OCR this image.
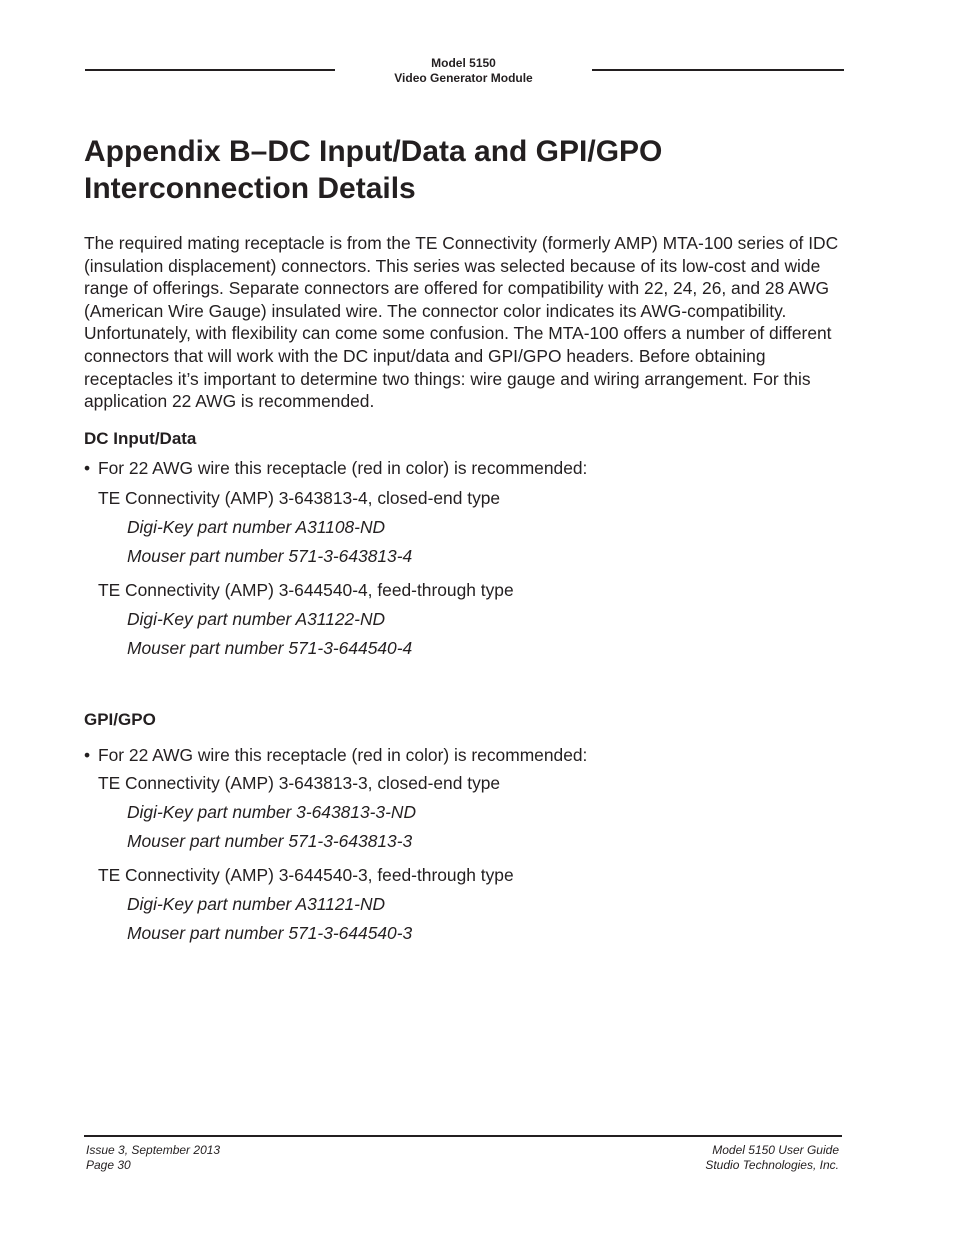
Model 5150
Video Generator Module
Appendix B–DC Input/Data and GPI/GPO
Interconnection Details

The required mating receptacle is from the TE Connectivity (formerly AMP) MTA-100 series of IDC (insulation displacement) connectors. This series was selected because of its low-cost and wide range of offerings. Separate connectors are offered for compatibility with 22, 24, 26, and 28 AWG (American Wire Gauge) insulated wire. The connector color indicates its AWG-compatibility. Unfortunately, with flexibility can come some confusion. The MTA-100 offers a number of different connectors that will work with the DC input/data and GPI/GPO headers. Before obtaining receptacles it’s important to determine two things: wire gauge and wiring arrangement. For this application 22 AWG is recommended.

DC Input/Data

• For 22 AWG wire this receptacle (red in color) is recommended:

TE Connectivity (AMP) 3-643813-4, closed-end type

Digi-Key part number A31108-ND

Mouser part number 571-3-643813-4

TE Connectivity (AMP) 3-644540-4, feed-through type

Digi-Key part number A31122-ND

Mouser part number 571-3-644540-4

GPI/GPO

• For 22 AWG wire this receptacle (red in color) is recommended:

TE Connectivity (AMP) 3-643813-3, closed-end type

Digi-Key part number 3-643813-3-ND

Mouser part number 571-3-643813-3

TE Connectivity (AMP) 3-644540-3, feed-through type

Digi-Key part number A31121-ND

Mouser part number 571-3-644540-3

Issue 3, September 2013
Page 30
Model 5150 User Guide
Studio Technologies, Inc.
